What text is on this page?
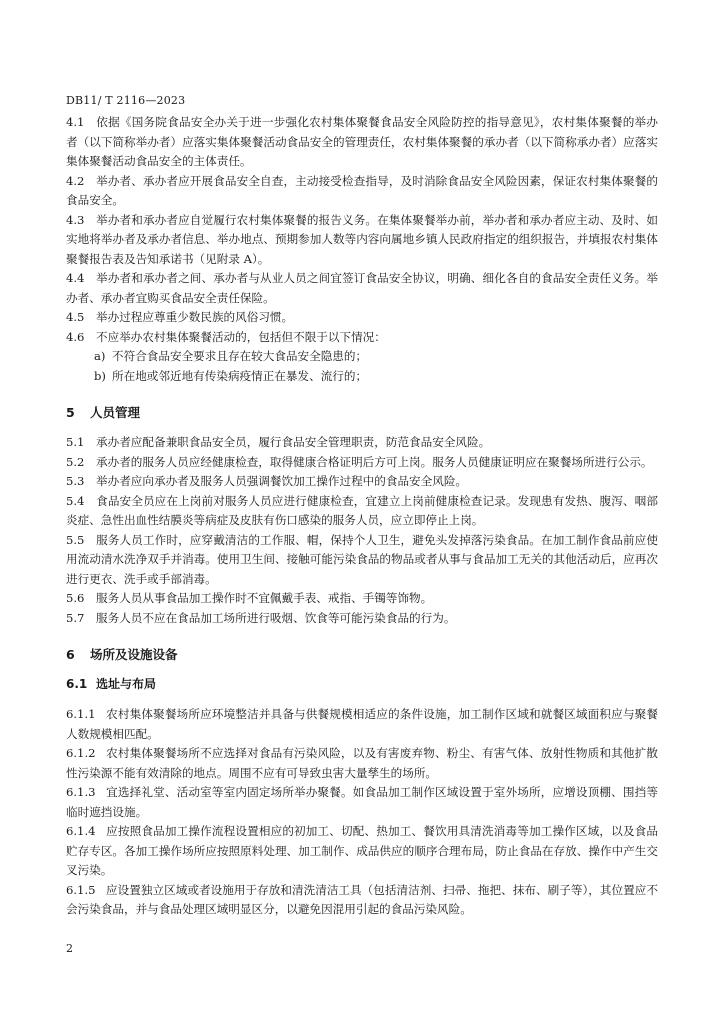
DB11/ T 2116—2023

4.1 依据《国务院食品安全办关于进一步强化农村集体聚餐食品安全风险防控的指导意见》，农村集体聚餐的举办者（以下简称举办者）应落实集体聚餐活动食品安全的管理责任，农村集体聚餐的承办者（以下简称承办者）应落实集体聚餐活动食品安全的主体责任。

4.2 举办者、承办者应开展食品安全自查，主动接受检查指导，及时消除食品安全风险因素，保证农村集体聚餐的食品安全。

4.3 举办者和承办者应自觉履行农村集体聚餐的报告义务。在集体聚餐举办前，举办者和承办者应主动、及时、如实地将举办者及承办者信息、举办地点、预期参加人数等内容向属地乡镇人民政府指定的组织报告，并填报农村集体聚餐报告表及告知承诺书（见附录 A）。

4.4 举办者和承办者之间、承办者与从业人员之间宜签订食品安全协议，明确、细化各自的食品安全责任义务。举办者、承办者宜购买食品安全责任保险。

4.5 举办过程应尊重少数民族的风俗习惯。

4.6 不应举办农村集体聚餐活动的，包括但不限于以下情况：

a) 不符合食品安全要求且存在较大食品安全隐患的；
b) 所在地或邻近地有传染病疫情正在暴发、流行的；
5 人员管理

5.1 承办者应配备兼职食品安全员，履行食品安全管理职责，防范食品安全风险。

5.2 承办者的服务人员应经健康检查，取得健康合格证明后方可上岗。服务人员健康证明应在聚餐场所进行公示。

5.3 举办者应向承办者及服务人员强调餐饮加工操作过程中的食品安全风险。

5.4 食品安全员应在上岗前对服务人员应进行健康检查，宜建立上岗前健康检查记录。发现患有发热、腹泻、咽部炎症、急性出血性结膜炎等病症及皮肤有伤口感染的服务人员，应立即停止上岗。

5.5 服务人员工作时，应穿戴清洁的工作服、帽，保持个人卫生，避免头发掉落污染食品。在加工制作食品前应使用流动清水洗净双手并消毒。使用卫生间、接触可能污染食品的物品或者从事与食品加工无关的其他活动后，应再次进行更衣、洗手或手部消毒。

5.6 服务人员从事食品加工操作时不宜佩戴手表、戒指、手镯等饰物。

5.7 服务人员不应在食品加工场所进行吸烟、饮食等可能污染食品的行为。

6 场所及设施设备
6.1 选址与布局

6.1.1 农村集体聚餐场所应环境整洁并具备与供餐规模相适应的条件设施，加工制作区域和就餐区域面积应与聚餐人数规模相匹配。

6.1.2 农村集体聚餐场所不应选择对食品有污染风险，以及有害废弃物、粉尘、有害气体、放射性物质和其他扩散性污染源不能有效清除的地点。周围不应有可导致虫害大量孳生的场所。

6.1.3 宜选择礼堂、活动室等室内固定场所举办聚餐。如食品加工制作区域设置于室外场所，应增设顶棚、围挡等临时遮挡设施。

6.1.4 应按照食品加工操作流程设置相应的初加工、切配、热加工、餐饮用具清洗消毒等加工操作区域，以及食品贮存专区。各加工操作场所应按照原料处理、加工制作、成品供应的顺序合理布局，防止食品在存放、操作中产生交叉污染。

6.1.5 应设置独立区域或者设施用于存放和清洗清洁工具（包括清洁剂、扫帚、拖把、抹布、刷子等），其位置应不会污染食品，并与食品处理区域明显区分，以避免因混用引起的食品污染风险。

2
